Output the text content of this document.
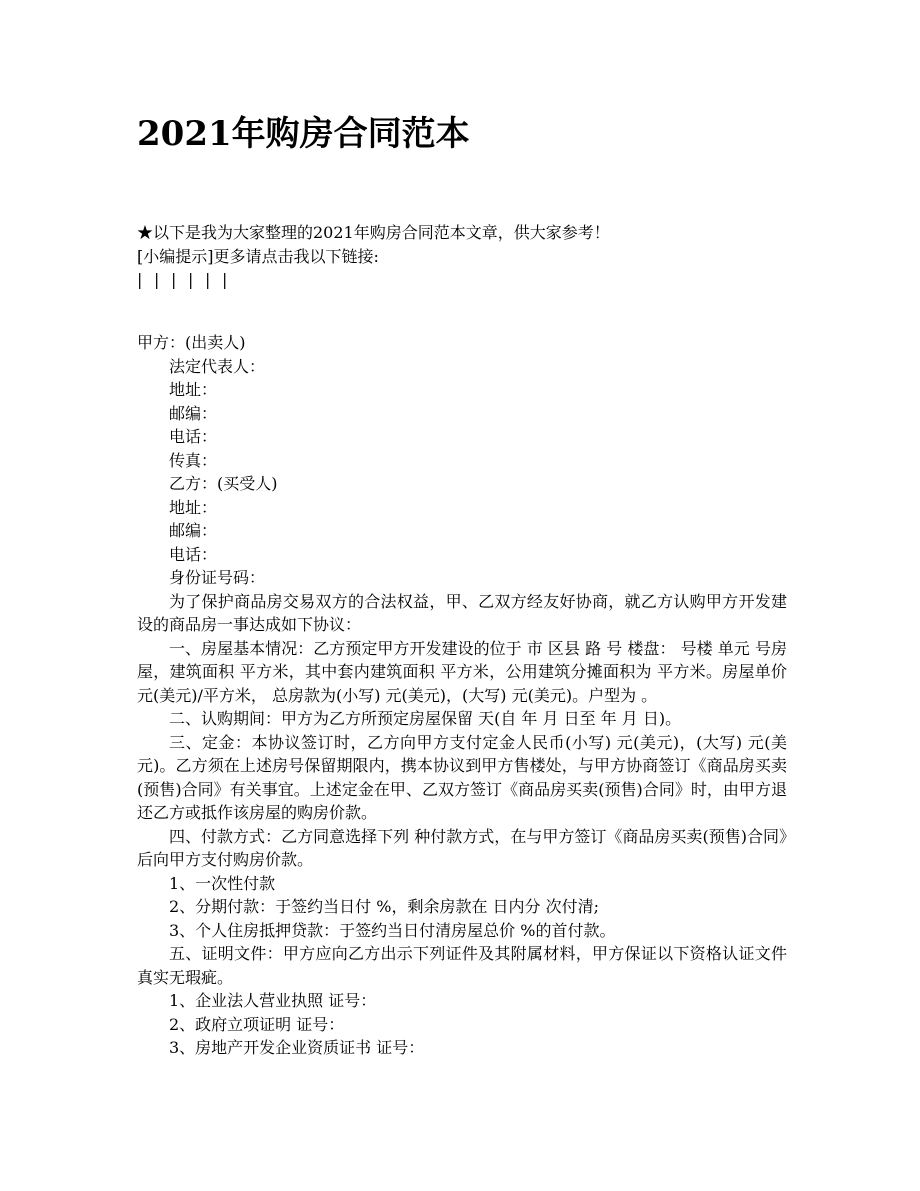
2021年购房合同范本
★以下是我为大家整理的2021年购房合同范本文章，供大家参考！
[小编提示]更多请点击我以下链接:
| | | | | |

甲方：(出卖人)

法定代表人：

地址：

邮编：

电话：

传真：

乙方：(买受人)

地址：

邮编：

电话：

身份证号码：

为了保护商品房交易双方的合法权益，甲、乙双方经友好协商，就乙方认购甲方开发建设的商品房一事达成如下协议：

一、房屋基本情况：乙方预定甲方开发建设的位于 市 区县 路 号 楼盘： 号楼 单元 号房屋，建筑面积 平方米，其中套内建筑面积 平方米，公用建筑分摊面积为 平方米。房屋单价 元(美元)/平方米， 总房款为(小写) 元(美元)，(大写) 元(美元)。户型为 。

二、认购期间：甲方为乙方所预定房屋保留 天(自 年 月 日至 年 月 日)。

三、定金：本协议签订时，乙方向甲方支付定金人民币(小写) 元(美元)，(大写) 元(美元)。乙方须在上述房号保留期限内，携本协议到甲方售楼处，与甲方协商签订《商品房买卖(预售)合同》有关事宜。上述定金在甲、乙双方签订《商品房买卖(预售)合同》时，由甲方退还乙方或抵作该房屋的购房价款。

四、付款方式：乙方同意选择下列 种付款方式，在与甲方签订《商品房买卖(预售)合同》后向甲方支付购房价款。

1、一次性付款

2、分期付款：于签约当日付 %，剩余房款在 日内分 次付清;

3、个人住房抵押贷款：于签约当日付清房屋总价 %的首付款。

五、证明文件：甲方应向乙方出示下列证件及其附属材料，甲方保证以下资格认证文件真实无瑕疵。

1、企业法人营业执照 证号：

2、政府立项证明 证号：

3、房地产开发企业资质证书 证号：
